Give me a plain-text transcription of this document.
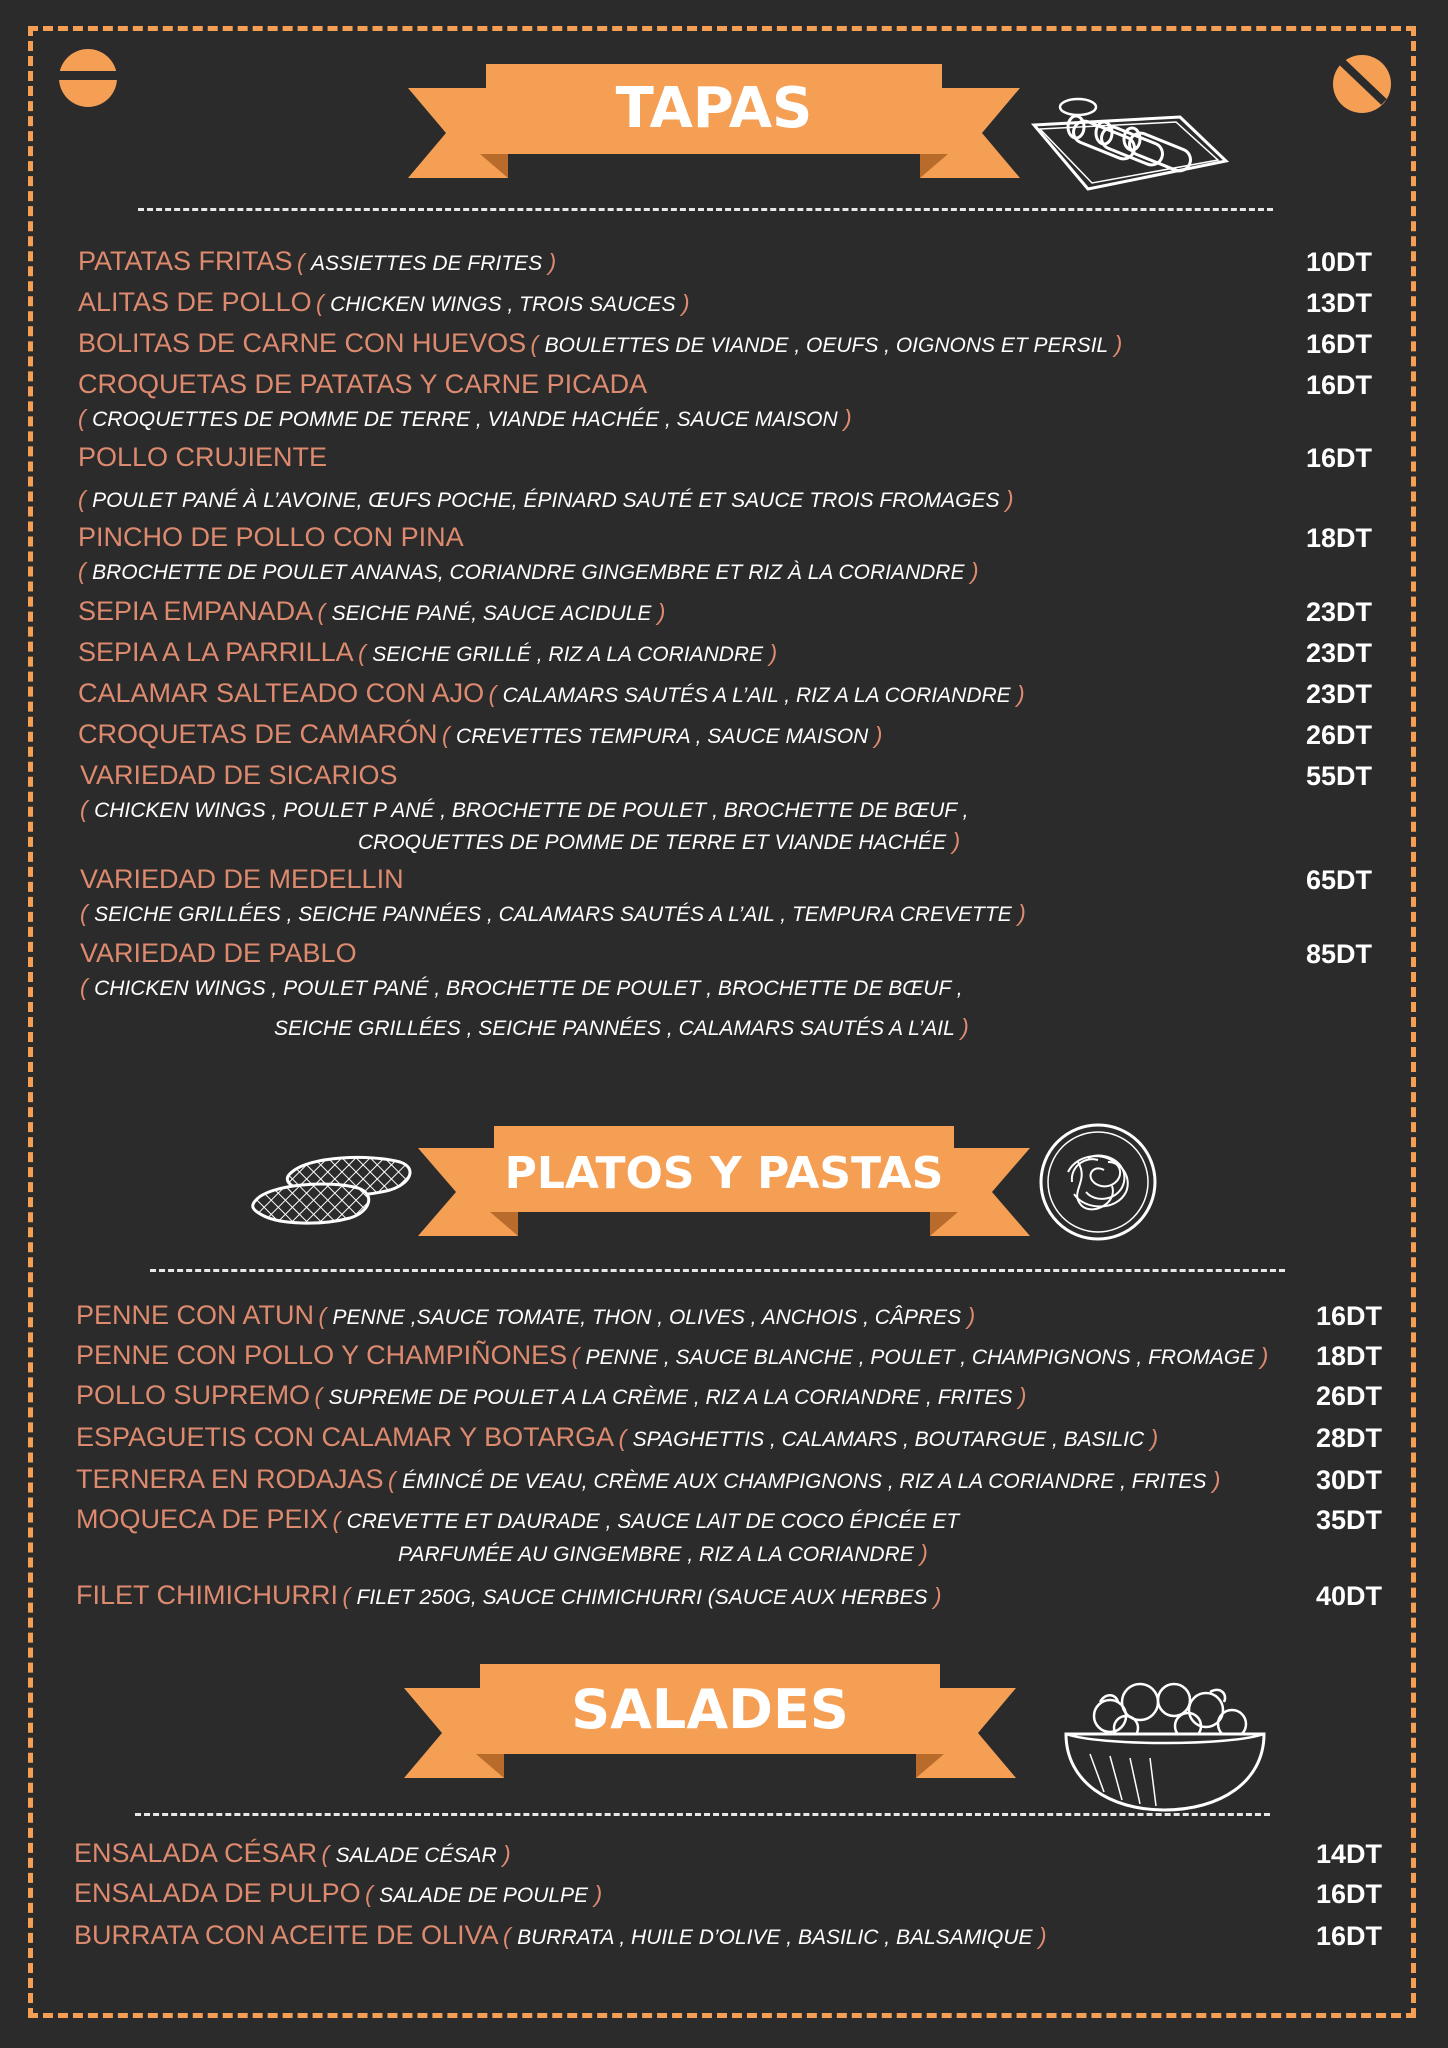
TAPAS
PATATAS FRITAS ( ASSIETTES DE FRITES )	10DT
ALITAS DE POLLO ( CHICKEN WINGS , TROIS SAUCES )	13DT
BOLITAS DE CARNE CON HUEVOS ( BOULETTES DE VIANDE , OEUFS , OIGNONS ET PERSIL )	16DT
CROQUETAS DE PATATAS Y CARNE PICADA
( CROQUETTES DE POMME DE TERRE , VIANDE HACHÉE , SAUCE MAISON )
16DT
POLLO CRUJIENTE
( POULET PANÉ À L’AVOINE, ŒUFS POCHE, ÉPINARD SAUTÉ ET SAUCE TROIS FROMAGES )
16DT
PINCHO DE POLLO CON PINA
( BROCHETTE DE POULET ANANAS, CORIANDRE GINGEMBRE ET RIZ À LA CORIANDRE )
18DT
SEPIA EMPANADA ( SEICHE PANÉ, SAUCE ACIDULE )	23DT
SEPIA A LA PARRILLA ( SEICHE GRILLÉ , RIZ A LA CORIANDRE )	23DT
CALAMAR SALTEADO CON AJO ( CALAMARS SAUTÉS A L’AIL , RIZ A LA CORIANDRE )	23DT
CROQUETAS DE CAMARÓN ( CREVETTES TEMPURA , SAUCE MAISON )	26DT
VARIEDAD DE SICARIOS
( CHICKEN WINGS , POULET P ANÉ , BROCHETTE DE POULET , BROCHETTE DE BŒUF ,
CROQUETTES DE POMME DE TERRE ET VIANDE HACHÉE )
55DT
VARIEDAD DE MEDELLIN
( SEICHE GRILLÉES , SEICHE PANNÉES , CALAMARS SAUTÉS A L’AIL , TEMPURA CREVETTE )
65DT
VARIEDAD DE PABLO
( CHICKEN WINGS , POULET PANÉ , BROCHETTE DE POULET , BROCHETTE DE BŒUF ,
SEICHE GRILLÉES , SEICHE PANNÉES , CALAMARS SAUTÉS A L’AIL )
85DT
PLATOS Y PASTAS
PENNE CON ATUN ( PENNE ,SAUCE TOMATE, THON , OLIVES , ANCHOIS , CÂPRES )	16DT
PENNE CON POLLO Y CHAMPIÑONES ( PENNE , SAUCE BLANCHE , POULET , CHAMPIGNONS , FROMAGE )	18DT
POLLO SUPREMO ( SUPREME DE POULET A LA CRÈME , RIZ A LA CORIANDRE , FRITES )	26DT
ESPAGUETIS CON CALAMAR Y BOTARGA ( SPAGHETTIS , CALAMARS , BOUTARGUE , BASILIC )	28DT
TERNERA EN RODAJAS ( ÉMINCÉ DE VEAU, CRÈME AUX CHAMPIGNONS , RIZ A LA CORIANDRE , FRITES )	30DT
MOQUECA DE PEIX ( CREVETTE ET DAURADE , SAUCE LAIT DE COCO ÉPICÉE ET
PARFUMÉE AU GINGEMBRE , RIZ A LA CORIANDRE )
35DT
FILET CHIMICHURRI ( FILET 250G, SAUCE CHIMICHURRI (SAUCE AUX HERBES )	40DT
SALADES
ENSALADA CÉSAR ( SALADE CÉSAR )	14DT
ENSALADA DE PULPO ( SALADE DE POULPE )	16DT
BURRATA CON ACEITE DE OLIVA ( BURRATA , HUILE D’OLIVE , BASILIC , BALSAMIQUE )	16DT
